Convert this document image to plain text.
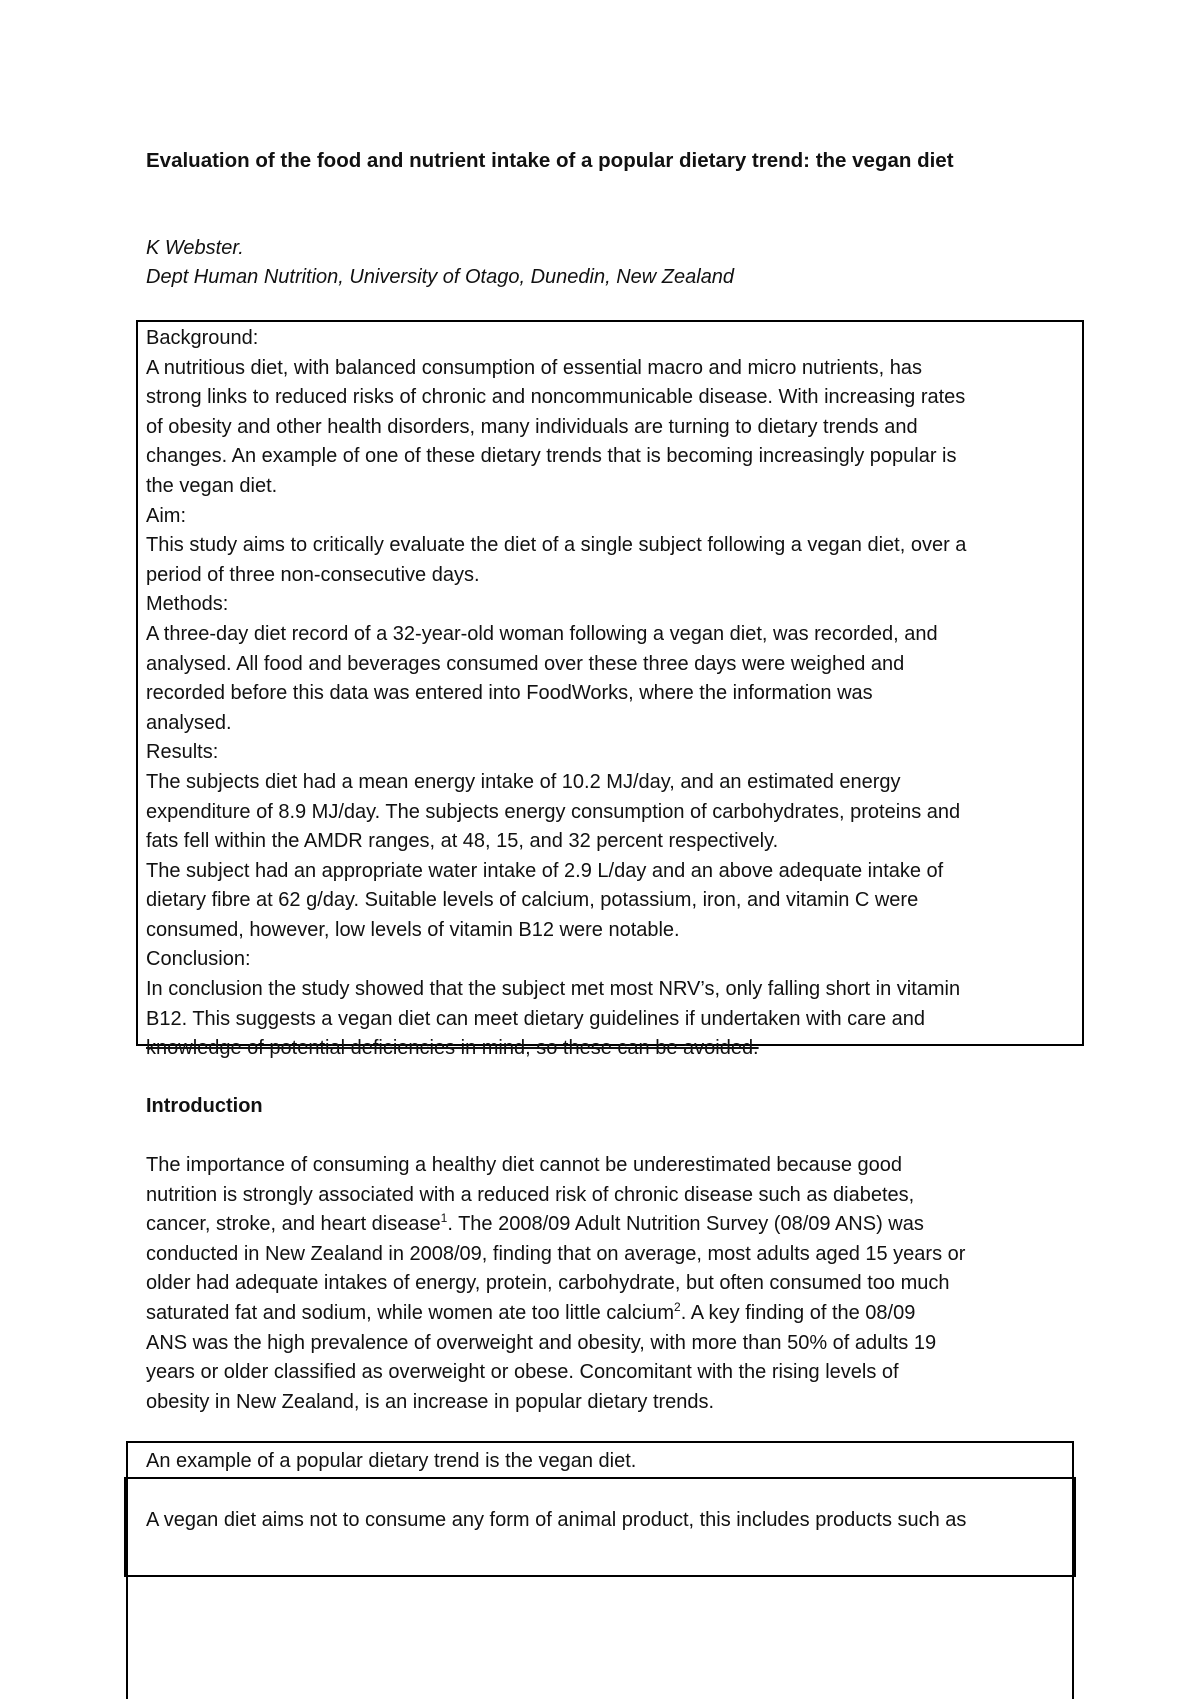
Evaluation of the food and nutrient intake of a popular dietary trend: the vegan diet
K Webster.
Dept Human Nutrition, University of Otago, Dunedin, New Zealand

Background:

A nutritious diet, with balanced consumption of essential macro and micro nutrients, has

strong links to reduced risks of chronic and noncommunicable disease. With increasing rates

of obesity and other health disorders, many individuals are turning to dietary trends and

changes. An example of one of these dietary trends that is becoming increasingly popular is

the vegan diet.

Aim:

This study aims to critically evaluate the diet of a single subject following a vegan diet, over a

period of three non-consecutive days.

Methods:

A three-day diet record of a 32-year-old woman following a vegan diet, was recorded, and

analysed. All food and beverages consumed over these three days were weighed and

recorded before this data was entered into FoodWorks, where the information was

analysed.

Results:

The subjects diet had a mean energy intake of 10.2 MJ/day, and an estimated energy

expenditure of 8.9 MJ/day. The subjects energy consumption of carbohydrates, proteins and

fats fell within the AMDR ranges, at 48, 15, and 32 percent respectively.

The subject had an appropriate water intake of 2.9 L/day and an above adequate intake of

dietary fibre at 62 g/day. Suitable levels of calcium, potassium, iron, and vitamin C were

consumed, however, low levels of vitamin B12 were notable.

Conclusion:

In conclusion the study showed that the subject met most NRV’s, only falling short in vitamin

B12. This suggests a vegan diet can meet dietary guidelines if undertaken with care and

knowledge of potential deficiencies in mind, so these can be avoided.

Introduction

The importance of consuming a healthy diet cannot be underestimated because good

nutrition is strongly associated with a reduced risk of chronic disease such as diabetes,

cancer, stroke, and heart disease$^1$. The 2008/09 Adult Nutrition Survey (08/09 ANS) was

conducted in New Zealand in 2008/09, finding that on average, most adults aged 15 years or

older had adequate intakes of energy, protein, carbohydrate, but often consumed too much

saturated fat and sodium, while women ate too little calcium$^2$. A key finding of the 08/09

ANS was the high prevalence of overweight and obesity, with more than 50% of adults 19

years or older classified as overweight or obese. Concomitant with the rising levels of

obesity in New Zealand, is an increase in popular dietary trends.

An example of a popular dietary trend is the vegan diet.
A vegan diet aims not to consume any form of animal product, this includes products such as
